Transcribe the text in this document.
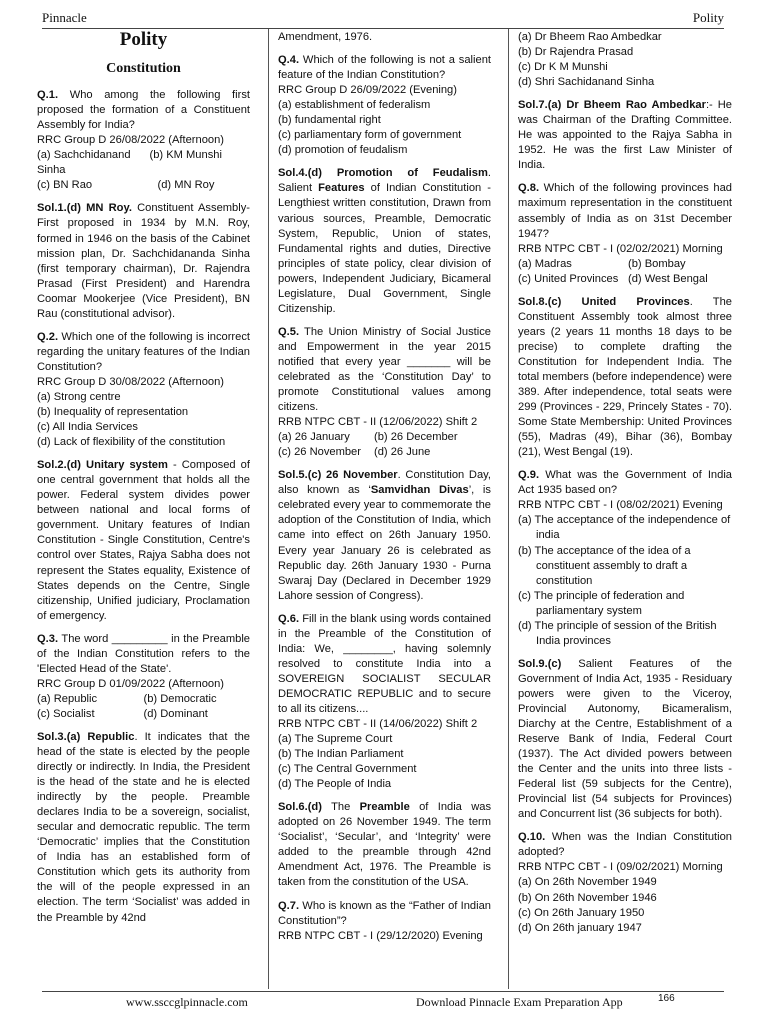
Pinnacle	Polity
Polity
Constitution

Q.1. Who among the following first proposed the formation of a Constituent Assembly for India?

RRC Group D 26/08/2022 (Afternoon)
(a) Sachchidanand Sinha
(b) KM Munshi
(c) BN Rao	(d) MN Roy

Sol.1.(d) MN Roy. Constituent Assembly- First proposed in 1934 by M.N. Roy, formed in 1946 on the basis of the Cabinet mission plan, Dr. Sachchidananda Sinha (first temporary chairman), Dr. Rajendra Prasad (First President) and Harendra Coomar Mookerjee (Vice President), BN Rau (constitutional advisor).

Q.2. Which one of the following is incorrect regarding the unitary features of the Indian Constitution?

RRC Group D 30/08/2022 (Afternoon)
(a) Strong centre
(b) Inequality of representation
(c) All India Services
(d) Lack of flexibility of the constitution

Sol.2.(d) Unitary system - Composed of one central government that holds all the power. Federal system divides power between national and local forms of government. Unitary features of Indian Constitution - Single Constitution, Centre's control over States, Rajya Sabha does not represent the States equality, Existence of States depends on the Centre, Single citizenship, Unified judiciary, Proclamation of emergency.

Q.3. The word _________ in the Preamble of the Indian Constitution refers to the 'Elected Head of the State'.

RRC Group D 01/09/2022 (Afternoon)
(a) Republic	(b) Democratic
(c) Socialist	(d) Dominant

Sol.3.(a) Republic. It indicates that the head of the state is elected by the people directly or indirectly. In India, the President is the head of the state and he is elected indirectly by the people. Preamble declares India to be a sovereign, socialist, secular and democratic republic. The term ‘Democratic’ implies that the Constitution of India has an established form of Constitution which gets its authority from the will of the people expressed in an election. The term ‘Socialist’ was added in the Preamble by 42nd

Amendment, 1976.

Q.4. Which of the following is not a salient feature of the Indian Constitution?

RRC Group D 26/09/2022 (Evening)
(a) establishment of federalism
(b) fundamental right
(c) parliamentary form of government
(d) promotion of feudalism

Sol.4.(d) Promotion of Feudalism. Salient Features of Indian Constitution - Lengthiest written constitution, Drawn from various sources, Preamble, Democratic System, Republic, Union of states, Fundamental rights and duties, Directive principles of state policy, clear division of powers, Independent Judiciary, Bicameral Legislature, Dual Government, Single Citizenship.

Q.5. The Union Ministry of Social Justice and Empowerment in the year 2015 notified that every year _______ will be celebrated as the ‘Constitution Day’ to promote Constitutional values among citizens.

RRB NTPC CBT - II (12/06/2022) Shift 2
(a) 26 January	(b) 26 December
(c) 26 November	(d) 26 June

Sol.5.(c) 26 November. Constitution Day, also known as ‘Samvidhan Divas’, is celebrated every year to commemorate the adoption of the Constitution of India, which came into effect on 26th January 1950. Every year January 26 is celebrated as Republic day. 26th January 1930 - Purna Swaraj Day (Declared in December 1929 Lahore session of Congress).

Q.6. Fill in the blank using words contained in the Preamble of the Constitution of India: We, ________, having solemnly resolved to constitute India into a SOVEREIGN SOCIALIST SECULAR DEMOCRATIC REPUBLIC and to secure to all its citizens....

RRB NTPC CBT - II (14/06/2022) Shift 2
(a) The Supreme Court
(b) The Indian Parliament
(c) The Central Government
(d) The People of India

Sol.6.(d) The Preamble of India was adopted on 26 November 1949. The term ‘Socialist’, ‘Secular’, and ‘Integrity’ were added to the preamble through 42nd Amendment Act, 1976. The Preamble is taken from the constitution of the USA.

Q.7. Who is known as the “Father of Indian Constitution”?

RRB NTPC CBT - I (29/12/2020) Evening

(a) Dr Bheem Rao Ambedkar
(b) Dr Rajendra Prasad
(c) Dr K M Munshi
(d) Shri Sachidanand Sinha

Sol.7.(a) Dr Bheem Rao Ambedkar:- He was Chairman of the Drafting Committee. He was appointed to the Rajya Sabha in 1952. He was the first Law Minister of India.

Q.8. Which of the following provinces had maximum representation in the constituent assembly of India as on 31st December 1947?

RRB NTPC CBT - I (02/02/2021) Morning
(a) Madras	(b) Bombay
(c) United Provinces (d) West Bengal

Sol.8.(c) United Provinces. The Constituent Assembly took almost three years (2 years 11 months 18 days to be precise) to complete drafting the Constitution for Independent India. The total members (before independence) were 389. After independence, total seats were 299 (Provinces - 229, Princely States - 70). Some State Membership: United Provinces (55), Madras (49), Bihar (36), Bombay (21), West Bengal (19).

Q.9. What was the Government of India Act 1935 based on?

RRB NTPC CBT - I (08/02/2021) Evening
(a) The acceptance of the independence of india
(b) The acceptance of the idea of a constituent assembly to draft a constitution
(c) The principle of federation and parliamentary system
(d) The principle of session of the British India provinces

Sol.9.(c) Salient Features of the Government of India Act, 1935 - Residuary powers were given to the Viceroy, Provincial Autonomy, Bicameralism, Diarchy at the Centre, Establishment of a Reserve Bank of India, Federal Court (1937). The Act divided powers between the Center and the units into three lists - Federal list (59 subjects for the Centre), Provincial list (54 subjects for Provinces) and Concurrent list (36 subjects for both).

Q.10. When was the Indian Constitution adopted?

RRB NTPC CBT - I (09/02/2021) Morning
(a) On 26th November 1949
(b) On 26th November 1946
(c) On 26th January 1950
(d) On 26th january 1947

www.ssccglpinnacle.com	Download Pinnacle Exam Preparation App	166
